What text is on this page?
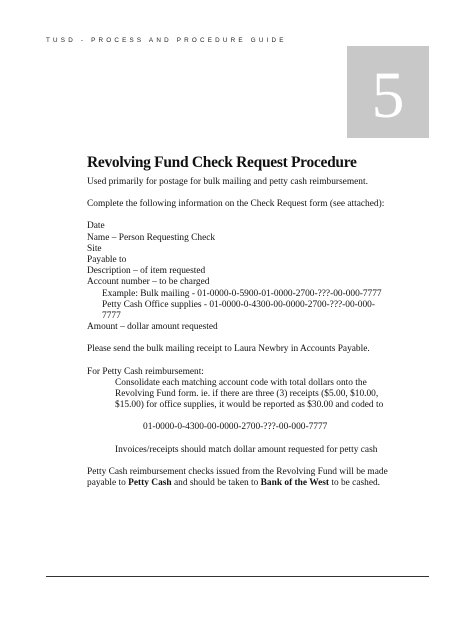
TUSD - PROCESS AND PROCEDURE GUIDE
5
Revolving Fund Check Request Procedure

Used primarily for postage for bulk mailing and petty cash reimbursement.

Complete the following information on the Check Request form (see attached):

Date
Name – Person Requesting Check
Site
Payable to
Description – of item requested
Account number – to be charged
Example: Bulk mailing - 01-0000-0-5900-01-0000-2700-???-00-000-7777
Petty Cash Office supplies - 01-0000-0-4300-00-0000-2700-???-00-000-7777
Amount – dollar amount requested

Please send the bulk mailing receipt to Laura Newbry in Accounts Payable.

For Petty Cash reimbursement:

Consolidate each matching account code with total dollars onto the Revolving Fund form. ie. if there are three (3) receipts ($5.00, $10.00, $15.00) for office supplies, it would be reported as $30.00 and coded to

01-0000-0-4300-00-0000-2700-???-00-000-7777

Invoices/receipts should match dollar amount requested for petty cash

Petty Cash reimbursement checks issued from the Revolving Fund will be made payable to Petty Cash and should be taken to Bank of the West to be cashed.
